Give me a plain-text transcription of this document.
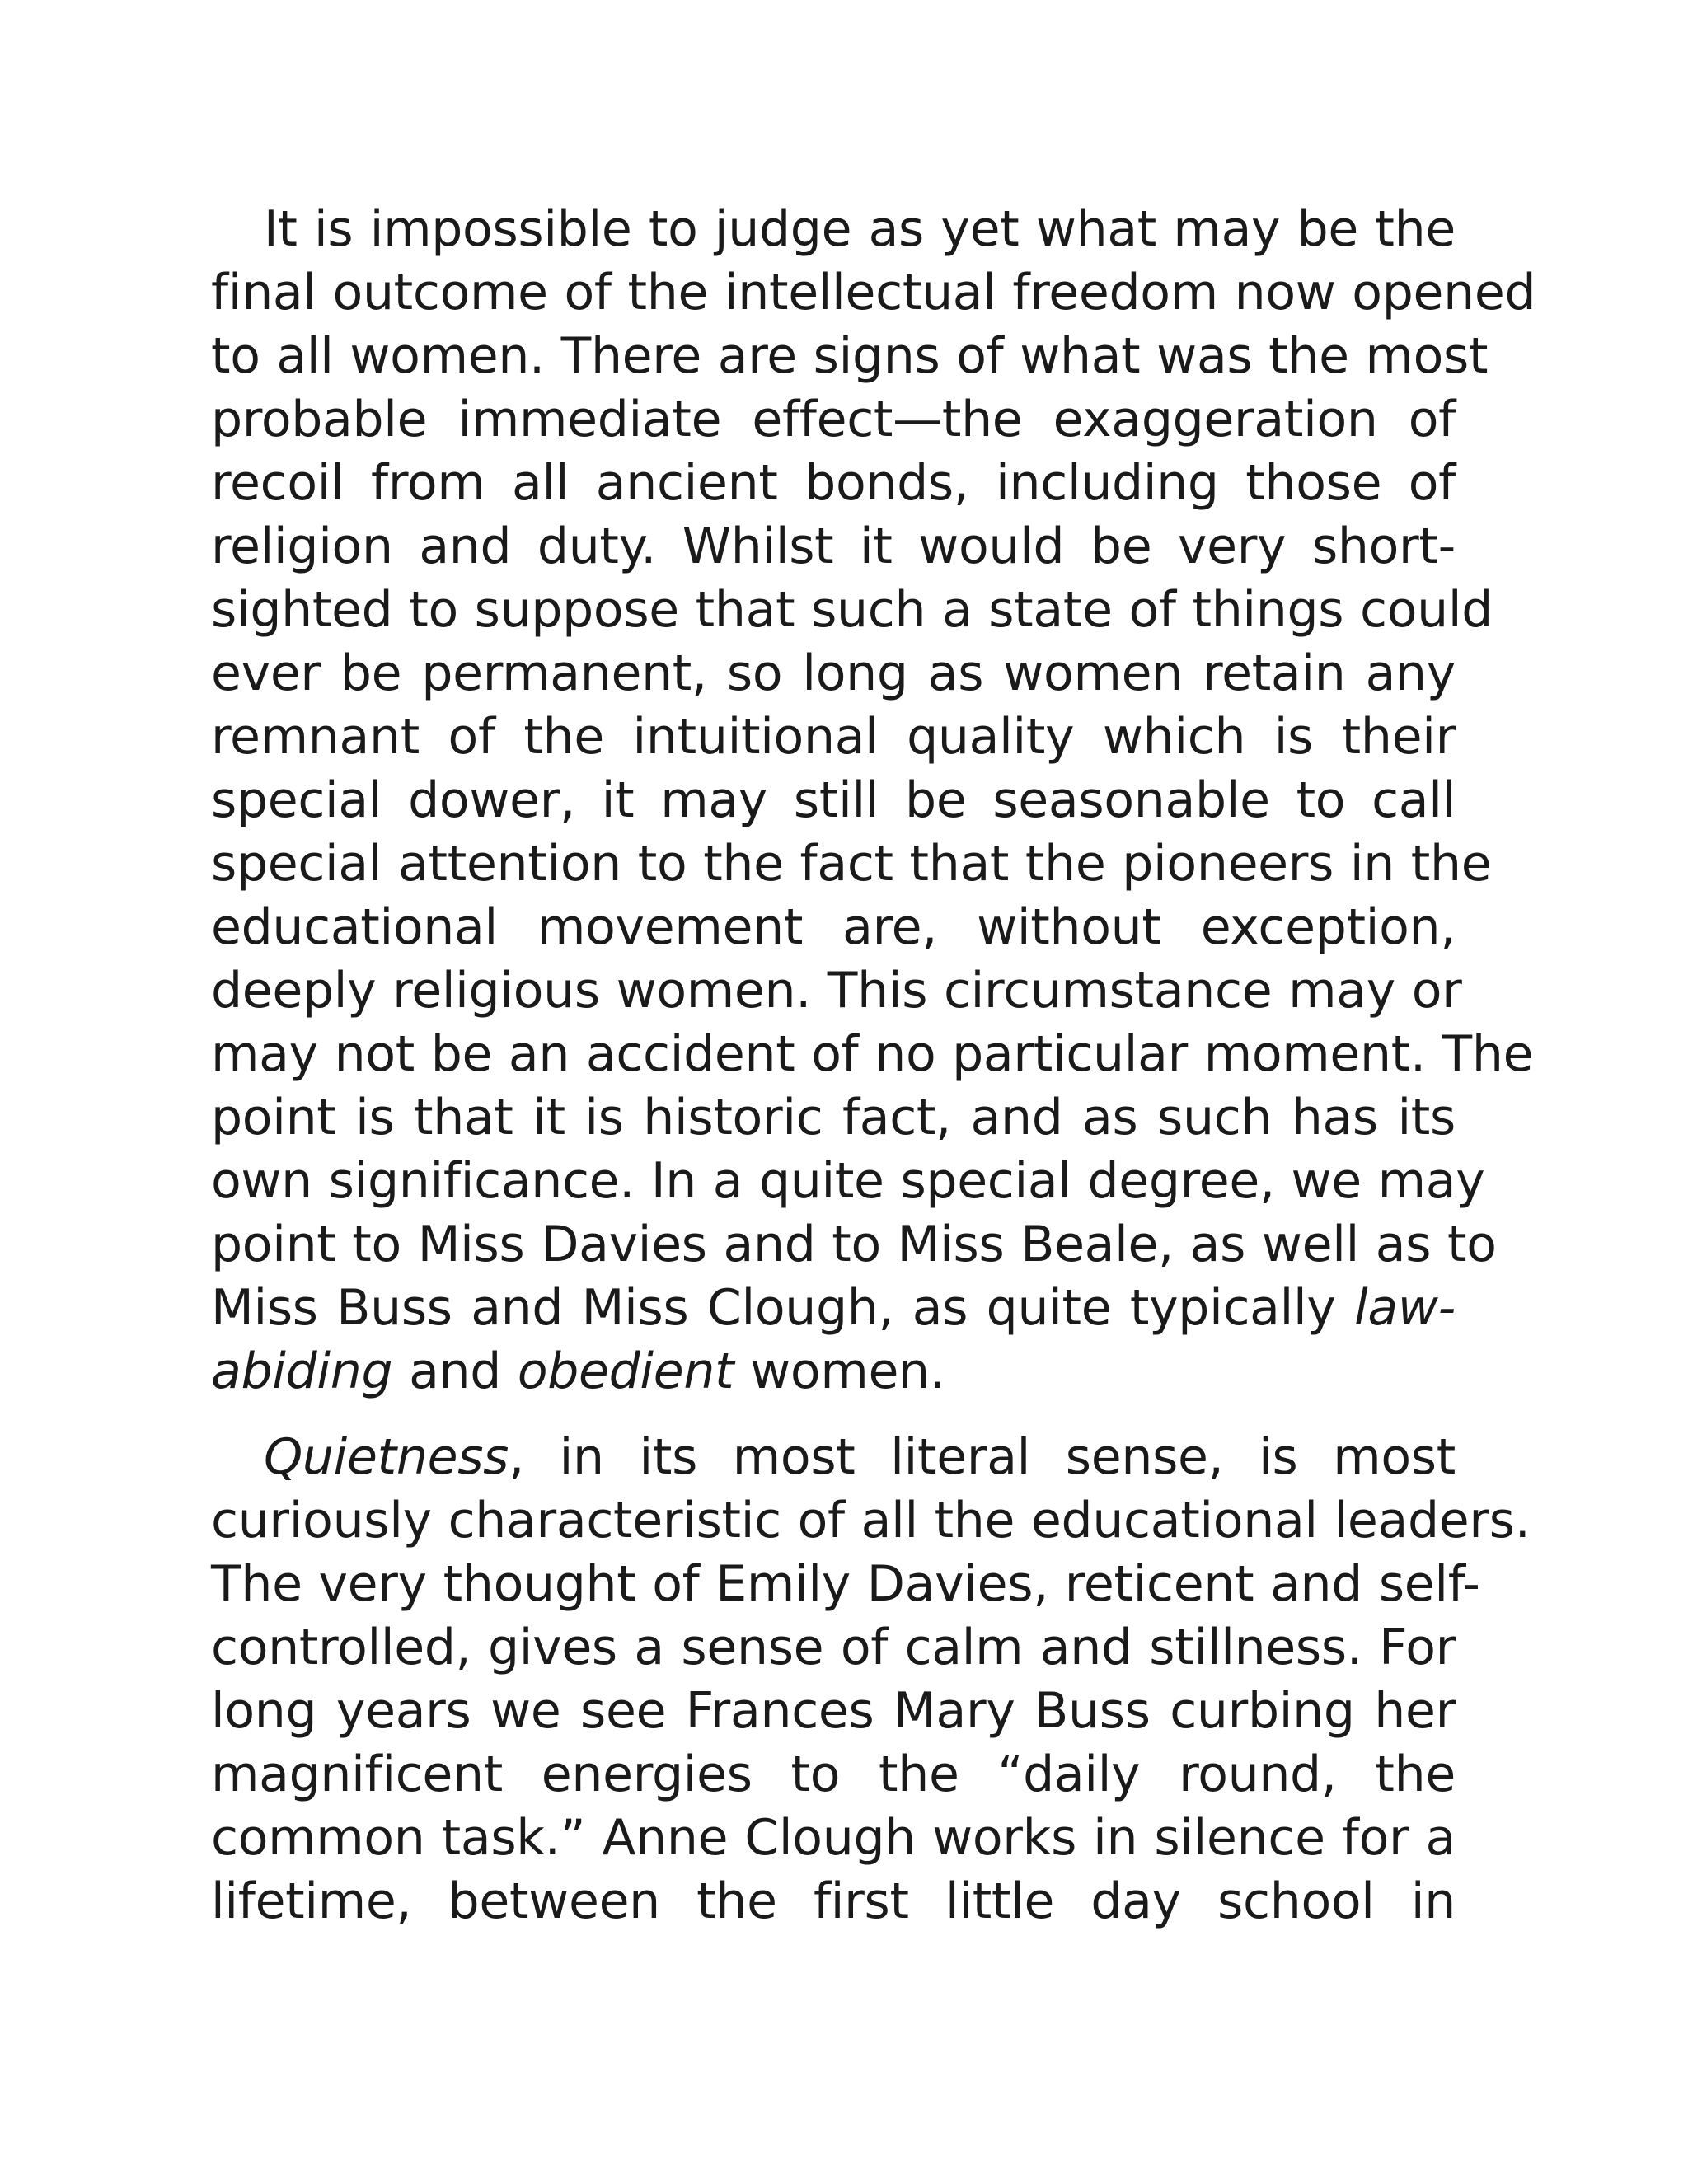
It is impossible to judge as yet what may be the
final outcome of the intellectual freedom now opened
to all women. There are signs of what was the most
probable immediate effect—the exaggeration of
recoil from all ancient bonds, including those of
religion and duty. Whilst it would be very short-
sighted to suppose that such a state of things could
ever be permanent, so long as women retain any
remnant of the intuitional quality which is their
special dower, it may still be seasonable to call
special attention to the fact that the pioneers in the
educational movement are, without exception,
deeply religious women. This circumstance may or
may not be an accident of no particular moment. The
point is that it is historic fact, and as such has its
own significance. In a quite special degree, we may
point to Miss Davies and to Miss Beale, as well as to
Miss Buss and Miss Clough, as quite typically law-
abiding and obedient women.
Quietness, in its most literal sense, is most
curiously characteristic of all the educational leaders.
The very thought of Emily Davies, reticent and self-
controlled, gives a sense of calm and stillness. For
long years we see Frances Mary Buss curbing her
magnificent energies to the “daily round, the
common task.” Anne Clough works in silence for a
lifetime, between the first little day school in
